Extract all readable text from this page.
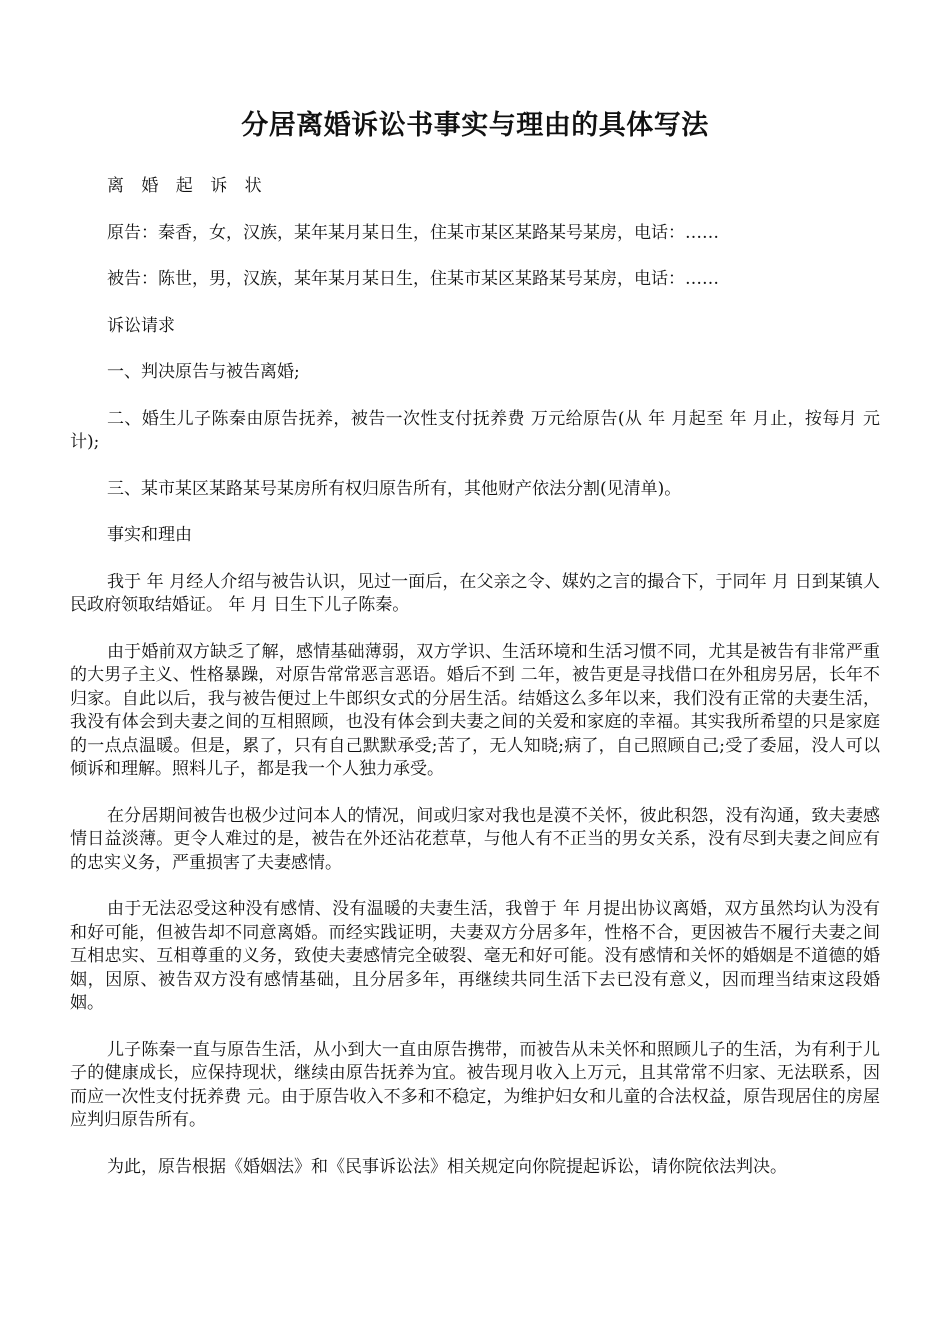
分居离婚诉讼书事实与理由的具体写法

离 婚 起 诉 状

原告：秦香，女，汉族，某年某月某日生，住某市某区某路某号某房，电话：……

被告：陈世，男，汉族，某年某月某日生，住某市某区某路某号某房，电话：……

诉讼请求

一、判决原告与被告离婚;

二、婚生儿子陈秦由原告抚养，被告一次性支付抚养费 万元给原告(从 年 月起至 年 月止，按每月 元计);

三、某市某区某路某号某房所有权归原告所有，其他财产依法分割(见清单)。

事实和理由

我于 年 月经人介绍与被告认识，见过一面后，在父亲之令、媒妁之言的撮合下，于同年 月 日到某镇人民政府领取结婚证。 年 月 日生下儿子陈秦。

由于婚前双方缺乏了解，感情基础薄弱，双方学识、生活环境和生活习惯不同，尤其是被告有非常严重的大男子主义、性格暴躁，对原告常常恶言恶语。婚后不到 二年，被告更是寻找借口在外租房另居，长年不归家。自此以后，我与被告便过上牛郎织女式的分居生活。结婚这么多年以来，我们没有正常的夫妻生活，我没有体会到夫妻之间的互相照顾，也没有体会到夫妻之间的关爱和家庭的幸福。其实我所希望的只是家庭的一点点温暖。但是，累了，只有自己默默承受;苦了，无人知晓;病了，自己照顾自己;受了委屈，没人可以倾诉和理解。照料儿子，都是我一个人独力承受。

在分居期间被告也极少过问本人的情况，间或归家对我也是漠不关怀，彼此积怨，没有沟通，致夫妻感情日益淡薄。更令人难过的是，被告在外还沾花惹草，与他人有不正当的男女关系，没有尽到夫妻之间应有的忠实义务，严重损害了夫妻感情。

由于无法忍受这种没有感情、没有温暖的夫妻生活，我曾于 年 月提出协议离婚，双方虽然均认为没有和好可能，但被告却不同意离婚。而经实践证明，夫妻双方分居多年，性格不合，更因被告不履行夫妻之间互相忠实、互相尊重的义务，致使夫妻感情完全破裂、毫无和好可能。没有感情和关怀的婚姻是不道德的婚姻，因原、被告双方没有感情基础，且分居多年，再继续共同生活下去已没有意义，因而理当结束这段婚姻。

儿子陈秦一直与原告生活，从小到大一直由原告携带，而被告从未关怀和照顾儿子的生活，为有利于儿子的健康成长，应保持现状，继续由原告抚养为宜。被告现月收入上万元，且其常常不归家、无法联系，因而应一次性支付抚养费 元。由于原告收入不多和不稳定，为维护妇女和儿童的合法权益，原告现居住的房屋应判归原告所有。

为此，原告根据《婚姻法》和《民事诉讼法》相关规定向你院提起诉讼，请你院依法判决。
